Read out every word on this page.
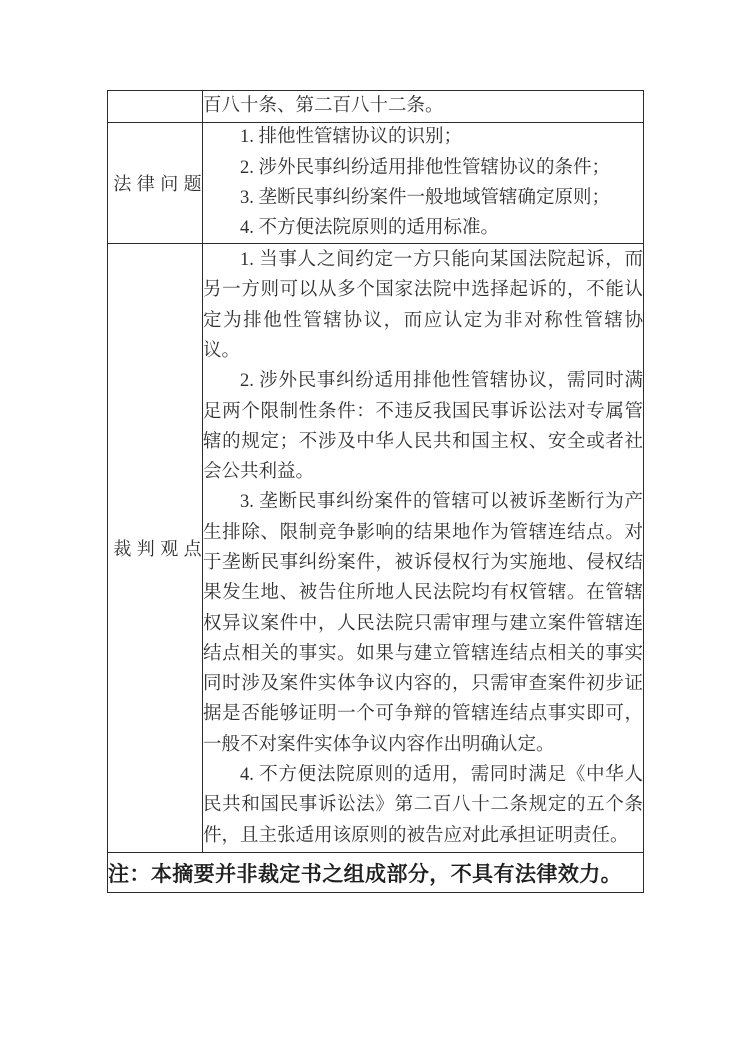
	百八十条、第二百八十二条。

法律问题	1. 排他性管辖协议的识别；

2. 涉外民事纠纷适用排他性管辖协议的条件；

3. 垄断民事纠纷案件一般地域管辖确定原则；

4. 不方便法院原则的适用标准。

裁判观点	1. 当事人之间约定一方只能向某国法院起诉，而另一方则可以从多个国家法院中选择起诉的，不能认定为排他性管辖协议，而应认定为非对称性管辖协议。

2. 涉外民事纠纷适用排他性管辖协议，需同时满足两个限制性条件：不违反我国民事诉讼法对专属管辖的规定；不涉及中华人民共和国主权、安全或者社会公共利益。

3. 垄断民事纠纷案件的管辖可以被诉垄断行为产生排除、限制竞争影响的结果地作为管辖连结点。对于垄断民事纠纷案件，被诉侵权行为实施地、侵权结果发生地、被告住所地人民法院均有权管辖。在管辖权异议案件中，人民法院只需审理与建立案件管辖连结点相关的事实。如果与建立管辖连结点相关的事实同时涉及案件实体争议内容的，只需审查案件初步证据是否能够证明一个可争辩的管辖连结点事实即可，一般不对案件实体争议内容作出明确认定。

4. 不方便法院原则的适用，需同时满足《中华人民共和国民事诉讼法》第二百八十二条规定的五个条件，且主张适用该原则的被告应对此承担证明责任。

注：本摘要并非裁定书之组成部分，不具有法律效力。	
